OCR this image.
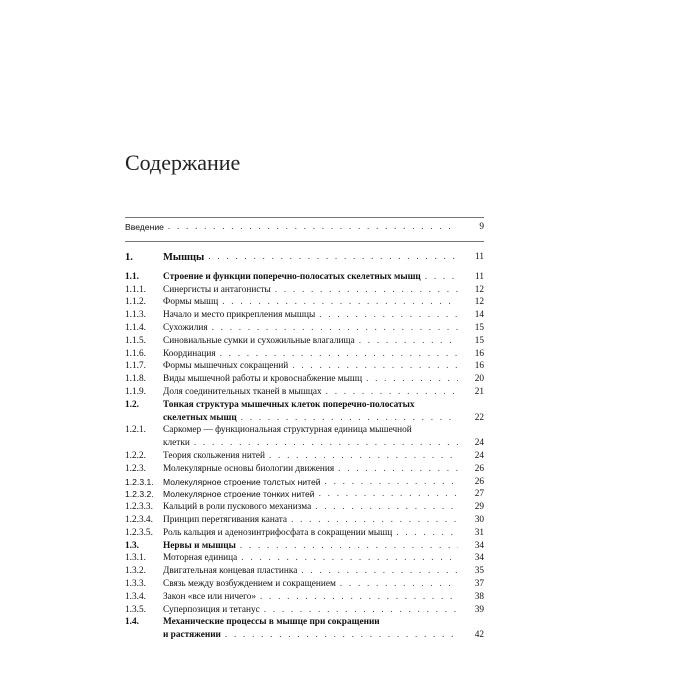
Содержание
Введение . . .	9
1.	Мышцы . . .	11
1.1.	Строение и функции поперечно-полосатых скелетных мышц . . .	11
1.1.1.	Синергисты и антагонисты . . .	12
1.1.2.	Формы мышц . . .	12
1.1.3.	Начало и место прикрепления мышцы . . .	14
1.1.4.	Сухожилия . . .	15
1.1.5.	Синовиальные сумки и сухожильные влагалища . . .	15
1.1.6.	Координация . . .	16
1.1.7.	Формы мышечных сокращений . . .	16
1.1.8.	Виды мышечной работы и кровоснабжение мышц . . .	20
1.1.9.	Доля соединительных тканей в мышцах . . .	21
1.2.	Тонкая структура мышечных клеток поперечно-полосатых
скелетных мышц . . .	22
1.2.1.	Саркомер — функциональная структурная единица мышечной
клетки . . .	24
1.2.2.	Теория скольжения нитей . . .	24
1.2.3.	Молекулярные основы биологии движения . . .	26
1.2.3.1.	Молекулярное строение толстых нитей . . .	26
1.2.3.2.	Молекулярное строение тонких нитей . . .	27
1.2.3.3.	Кальций в роли пускового механизма . . .	29
1.2.3.4.	Принцип перетягивания каната . . .	30
1.2.3.5.	Роль кальция и аденозинтрифосфата в сокращении мышц . . .	31
1.3.	Нервы и мышцы . . .	34
1.3.1.	Моторная единица . . .	34
1.3.2.	Двигательная концевая пластинка . . .	35
1.3.3.	Связь между возбуждением и сокращением . . .	37
1.3.4.	Закон «все или ничего» . . .	38
1.3.5.	Суперпозиция и тетанус . . .	39
1.4.	Механические процессы в мышце при сокращении
и растяжении . . .	42
